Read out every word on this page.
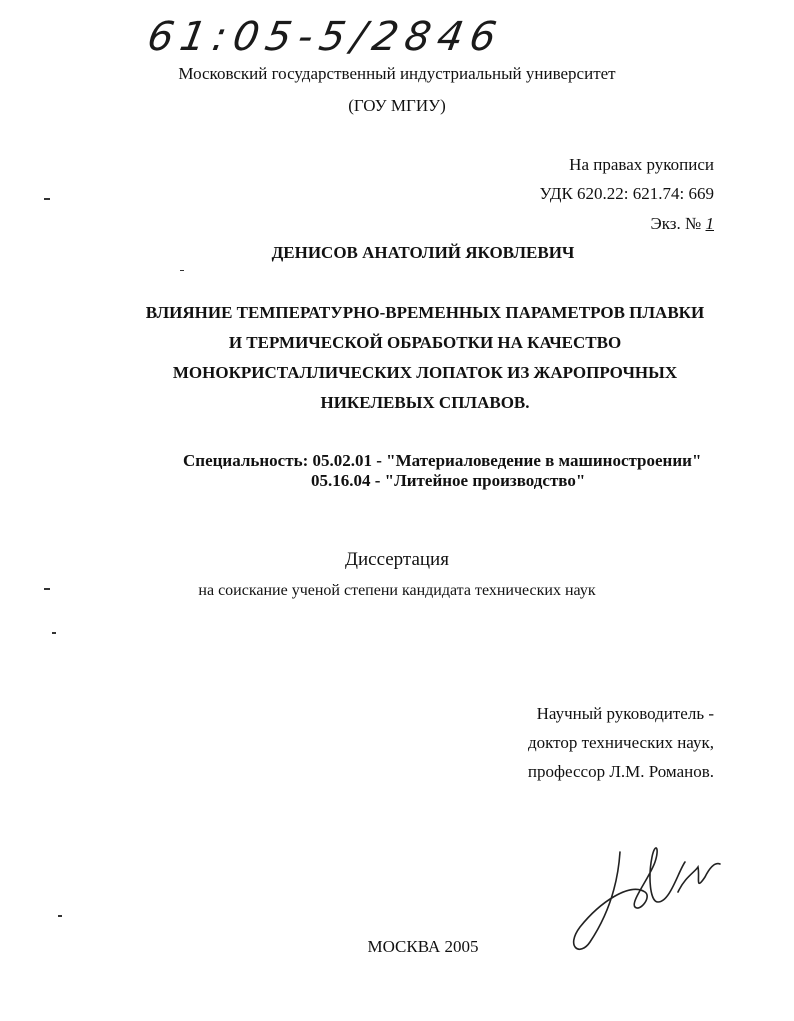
61:05-5/2846
Московский государственный индустриальный университет
(ГОУ МГИУ)
На правах рукописи
УДК 620.22: 621.74: 669
Экз. № 1
ДЕНИСОВ АНАТОЛИЙ ЯКОВЛЕВИЧ
ВЛИЯНИЕ ТЕМПЕРАТУРНО-ВРЕМЕННЫХ ПАРАМЕТРОВ ПЛАВКИ
И ТЕРМИЧЕСКОЙ ОБРАБОТКИ НА КАЧЕСТВО
МОНОКРИСТАЛЛИЧЕСКИХ ЛОПАТОК ИЗ ЖАРОПРОЧНЫХ
НИКЕЛЕВЫХ СПЛАВОВ.
Специальность: 05.02.01 - "Материаловедение в машиностроении"
05.16.04 - "Литейное производство"
Диссертация
на соискание ученой степени кандидата технических наук
Научный руководитель -
доктор технических наук,
профессор Л.М. Романов.
МОСКВА 2005
